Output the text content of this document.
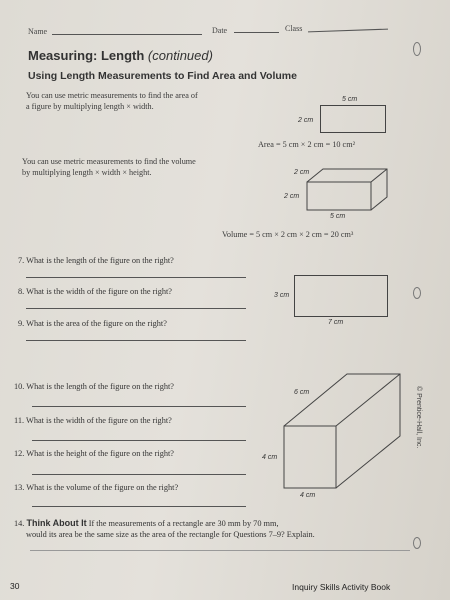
Name	Date	Class
Measuring: Length (continued)
Using Length Measurements to Find Area and Volume
You can use metric measurements to find the area of
a figure by multiplying length × width.
5 cm
2 cm
Area = 5 cm × 2 cm = 10 cm²
You can use metric measurements to find the volume
by multiplying length × width × height.	2 cm
2 cm
5 cm
Volume = 5 cm × 2 cm × 2 cm = 20 cm³
7. What is the length of the figure on the right?
8. What is the width of the figure on the right?
9. What is the area of the figure on the right?
3 cm
7 cm
10. What is the length of the figure on the right?
11. What is the width of the figure on the right?
12. What is the height of the figure on the right?
13. What is the volume of the figure on the right?
6 cm
4 cm
4 cm
14. Think About It If the measurements of a rectangle are 30 mm by 70 mm,
would its area be the same size as the area of the rectangle for Questions 7–9? Explain.
© Prentice-Hall, Inc.
30	Inquiry Skills Activity Book
